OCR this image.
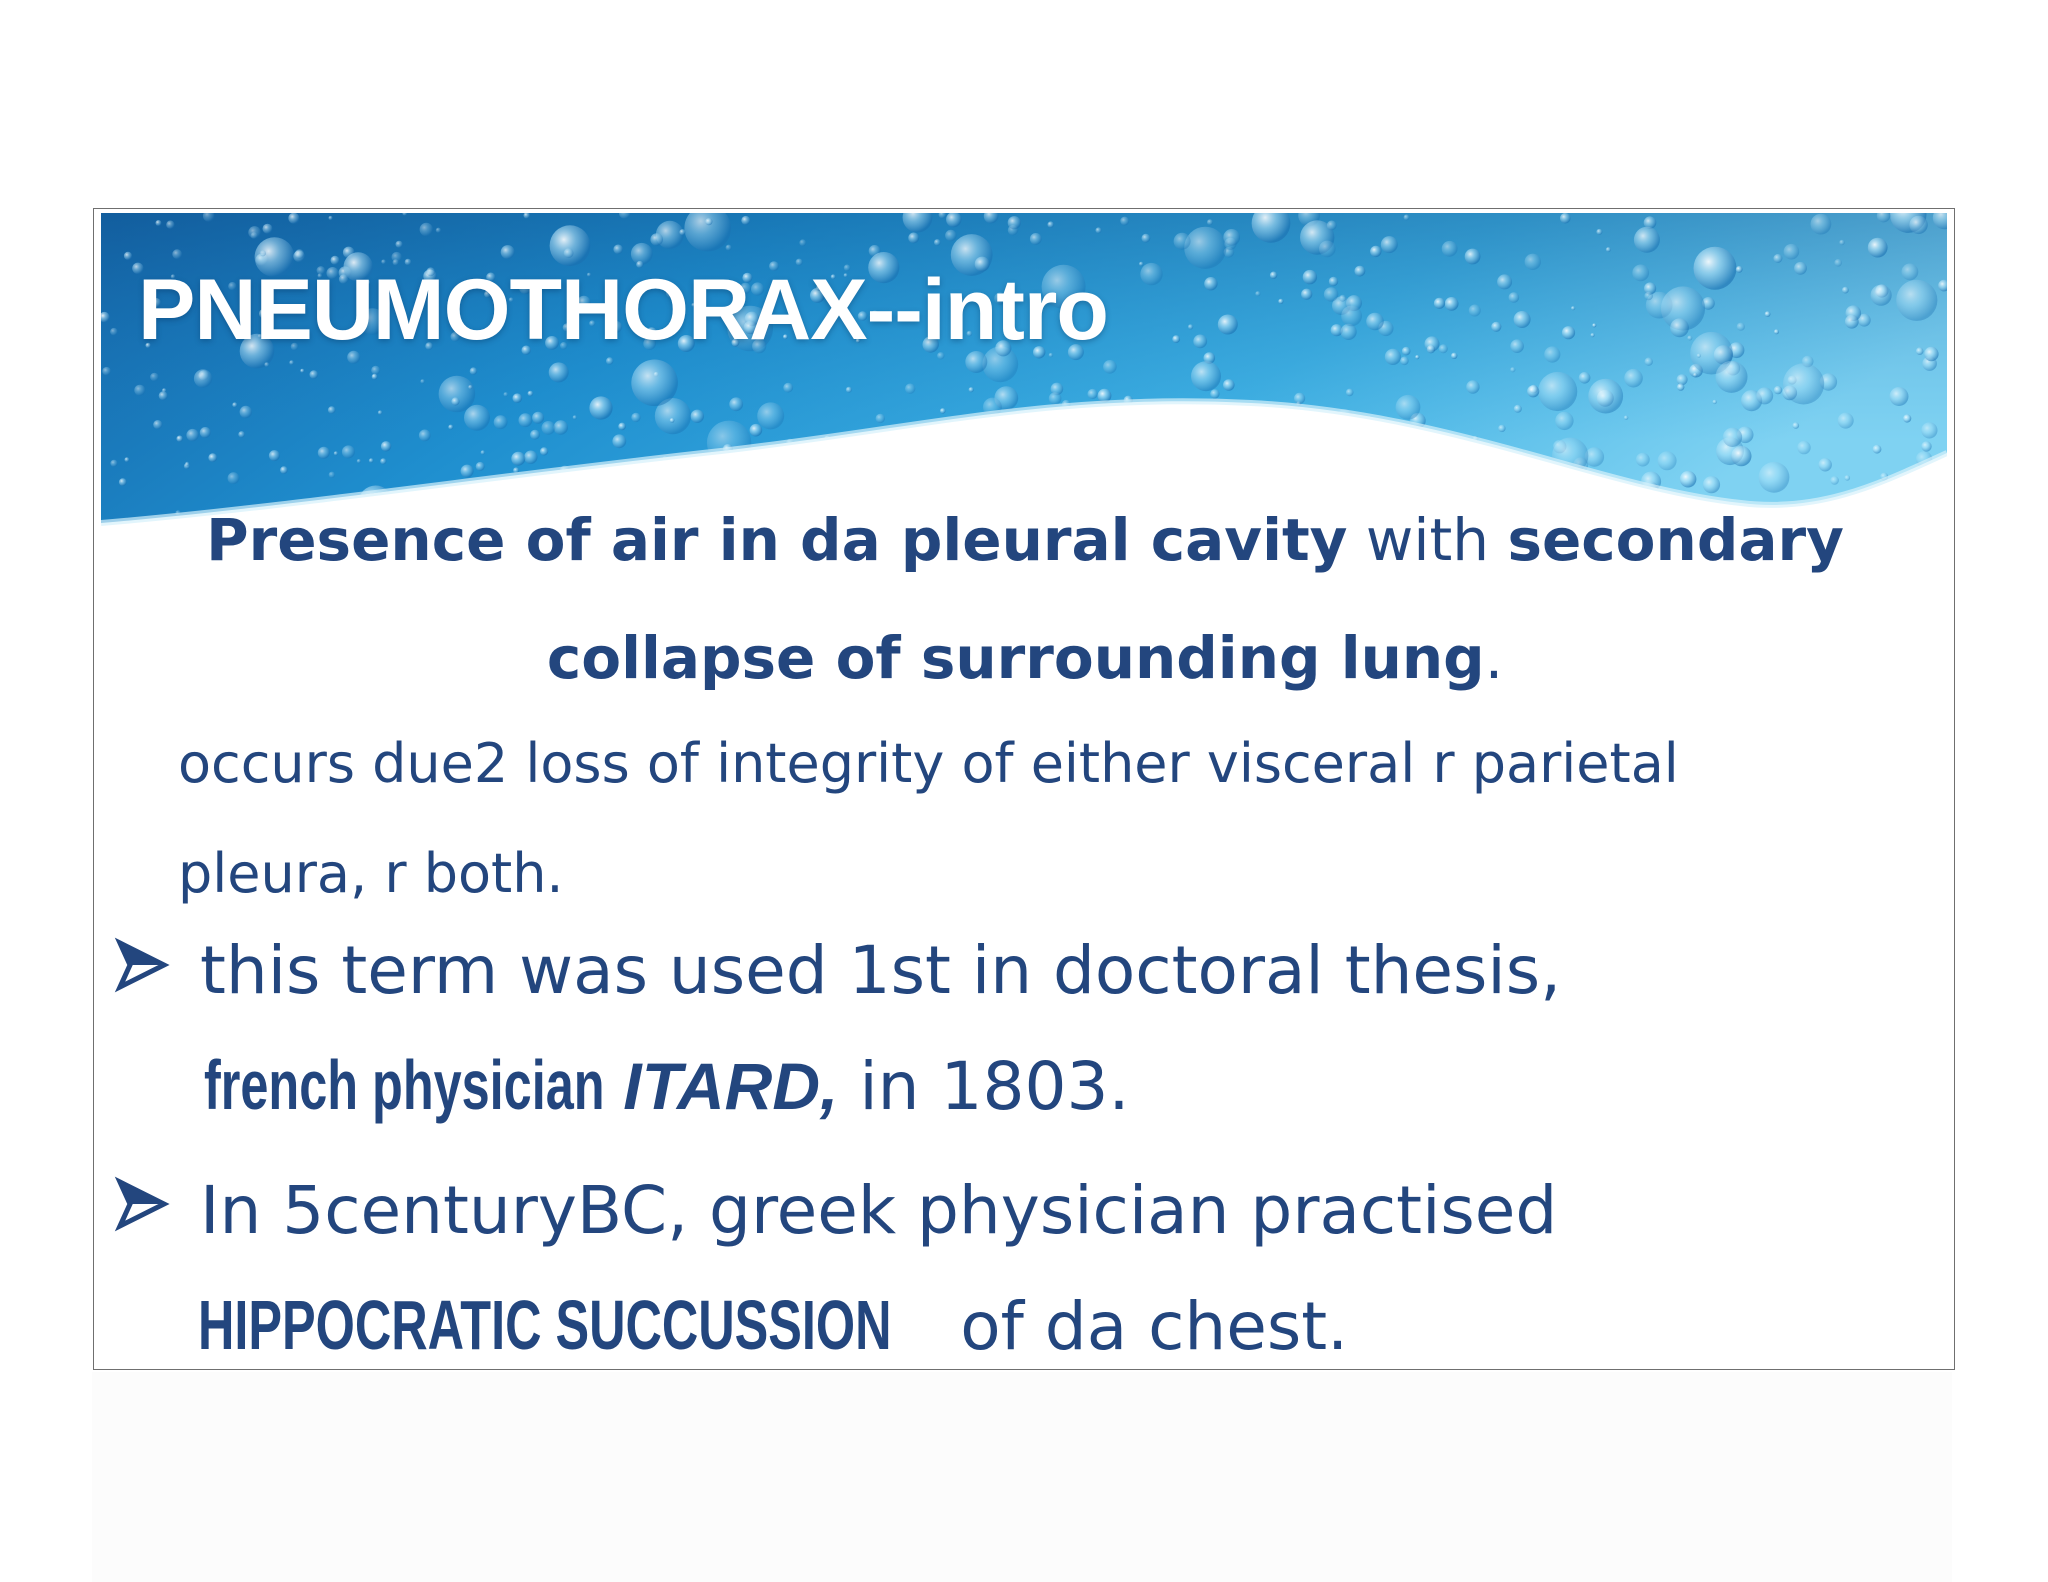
PNEUMOTHORAX--intro

Presence of air in da pleural cavity with secondary collapse of surrounding lung.

occurs due2 loss of integrity of either visceral r parietal pleura, r both.

this term was used 1st in doctoral thesis,

french physician ITARD, in 1803.

In 5centuryBC, greek physician practised

HIPPOCRATIC SUCCUSSION of da chest.
